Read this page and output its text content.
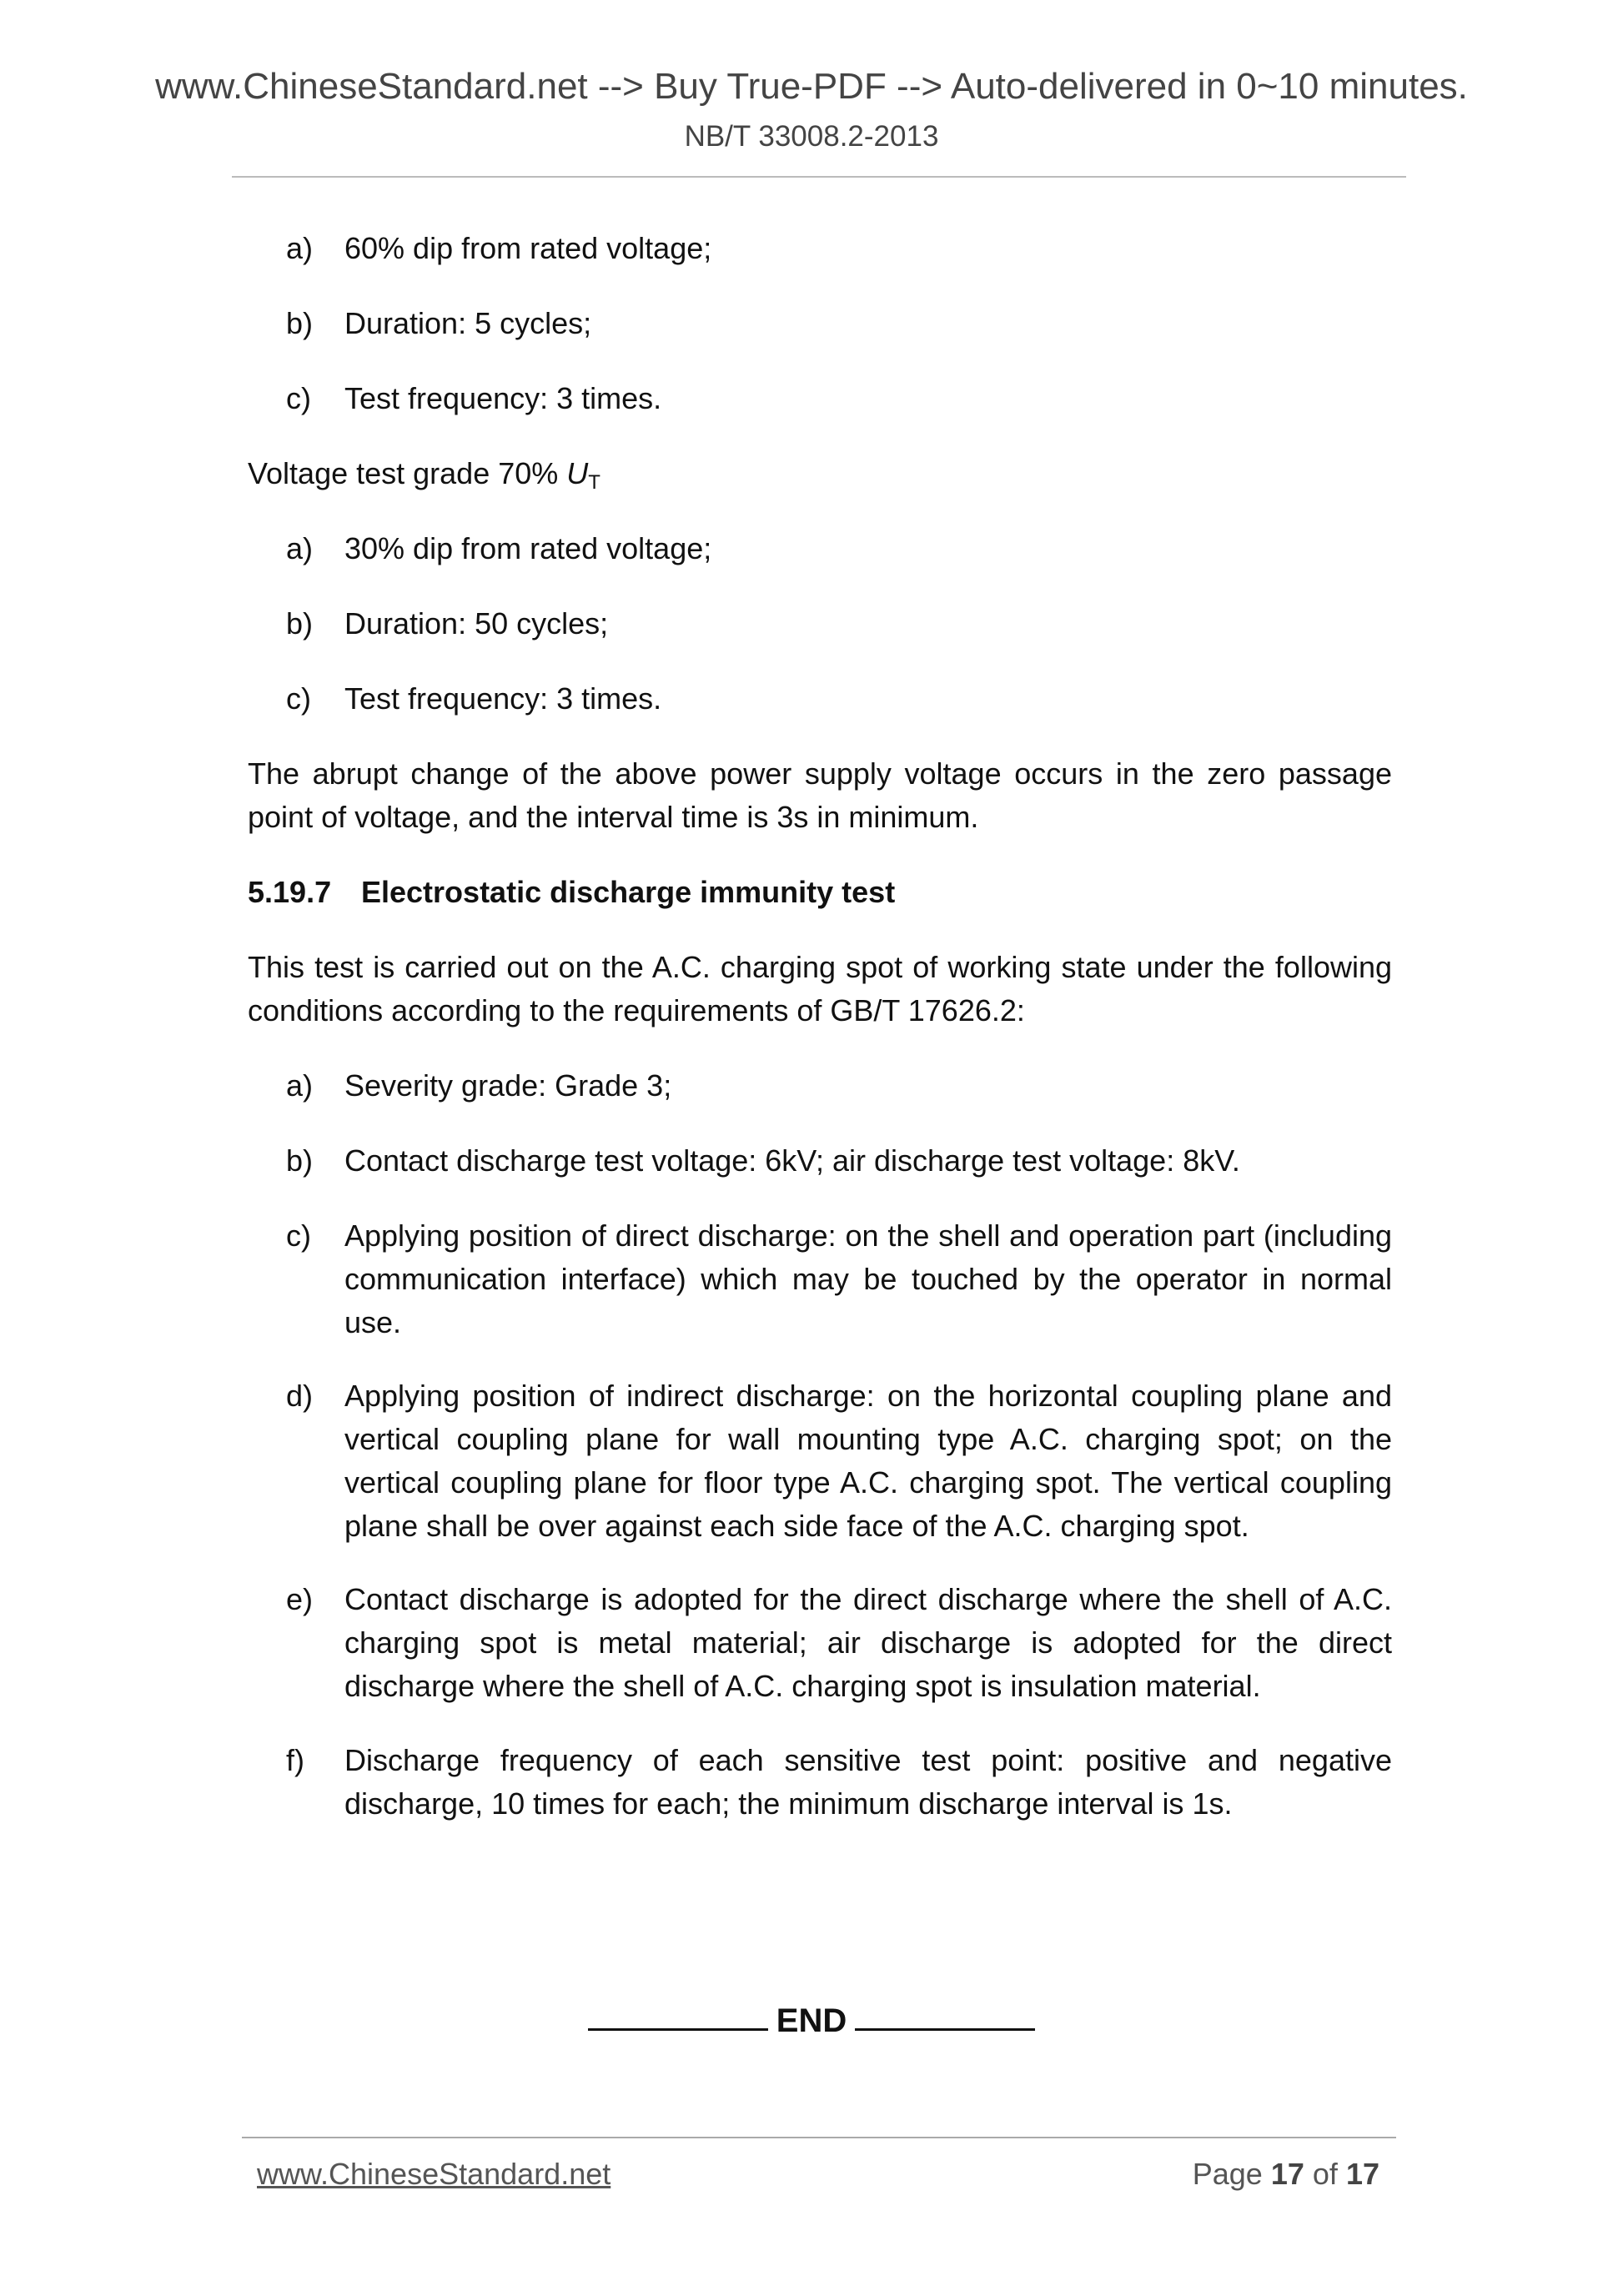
www.ChineseStandard.net --> Buy True-PDF --> Auto-delivered in 0~10 minutes.
NB/T 33008.2-2013
a) 60% dip from rated voltage;
b) Duration: 5 cycles;
c) Test frequency: 3 times.
Voltage test grade 70% $U_T$
a) 30% dip from rated voltage;
b) Duration: 50 cycles;
c) Test frequency: 3 times.
The abrupt change of the above power supply voltage occurs in the zero passage point of voltage, and the interval time is 3s in minimum.
5.19.7 Electrostatic discharge immunity test
This test is carried out on the A.C. charging spot of working state under the following conditions according to the requirements of GB/T 17626.2:
a) Severity grade: Grade 3;
b) Contact discharge test voltage: 6kV; air discharge test voltage: 8kV.
c) Applying position of direct discharge: on the shell and operation part (including communication interface) which may be touched by the operator in normal use.
d) Applying position of indirect discharge: on the horizontal coupling plane and vertical coupling plane for wall mounting type A.C. charging spot; on the vertical coupling plane for floor type A.C. charging spot. The vertical coupling plane shall be over against each side face of the A.C. charging spot.
e) Contact discharge is adopted for the direct discharge where the shell of A.C. charging spot is metal material; air discharge is adopted for the direct discharge where the shell of A.C. charging spot is insulation material.
f) Discharge frequency of each sensitive test point: positive and negative discharge, 10 times for each; the minimum discharge interval is 1s.
END
www.ChineseStandard.net	Page 17 of 17
